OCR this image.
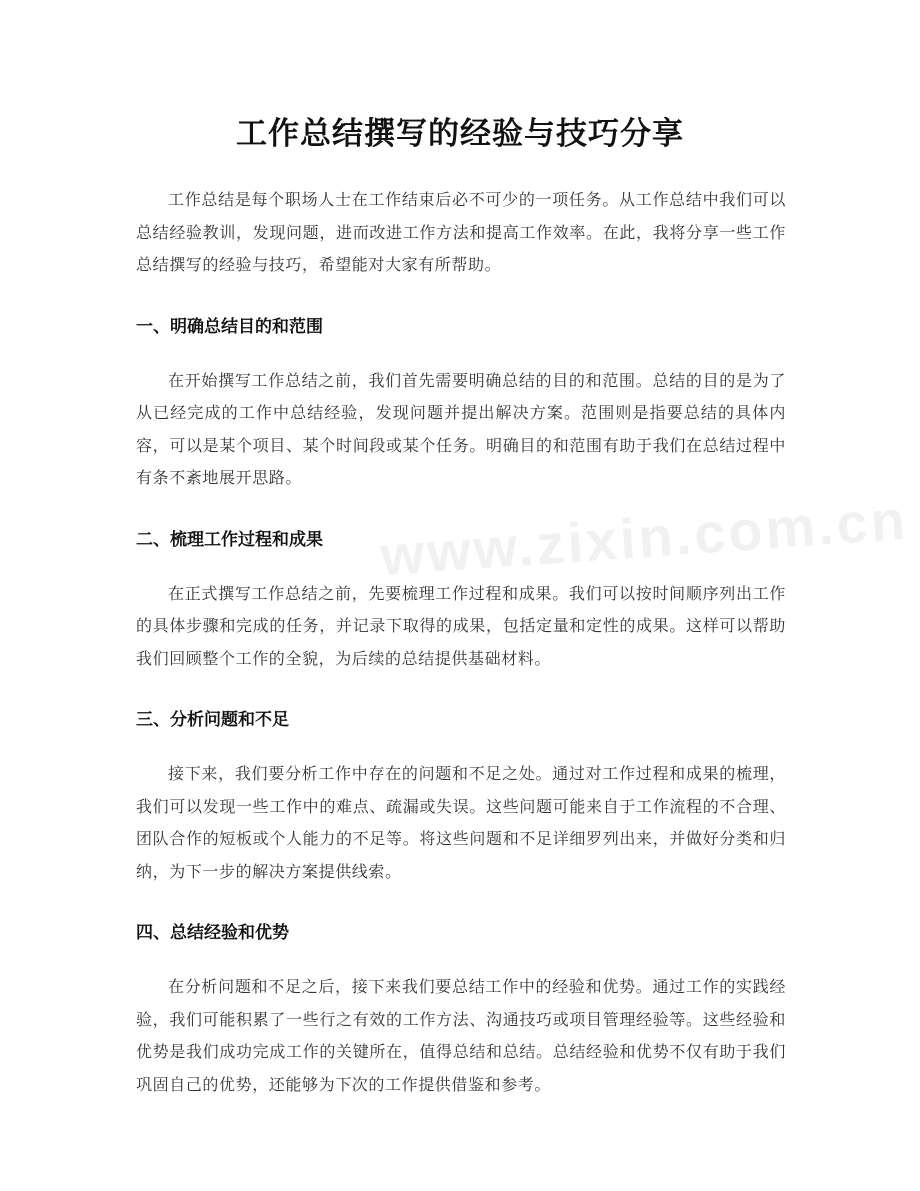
www.zixin.com.cn
工作总结撰写的经验与技巧分享

工作总结是每个职场人士在工作结束后必不可少的一项任务。从工作总结中我们可以总结经验教训，发现问题，进而改进工作方法和提高工作效率。在此，我将分享一些工作总结撰写的经验与技巧，希望能对大家有所帮助。

一、明确总结目的和范围

在开始撰写工作总结之前，我们首先需要明确总结的目的和范围。总结的目的是为了从已经完成的工作中总结经验，发现问题并提出解决方案。范围则是指要总结的具体内容，可以是某个项目、某个时间段或某个任务。明确目的和范围有助于我们在总结过程中有条不紊地展开思路。

二、梳理工作过程和成果

在正式撰写工作总结之前，先要梳理工作过程和成果。我们可以按时间顺序列出工作的具体步骤和完成的任务，并记录下取得的成果，包括定量和定性的成果。这样可以帮助我们回顾整个工作的全貌，为后续的总结提供基础材料。

三、分析问题和不足

接下来，我们要分析工作中存在的问题和不足之处。通过对工作过程和成果的梳理，我们可以发现一些工作中的难点、疏漏或失误。这些问题可能来自于工作流程的不合理、团队合作的短板或个人能力的不足等。将这些问题和不足详细罗列出来，并做好分类和归纳，为下一步的解决方案提供线索。

四、总结经验和优势

在分析问题和不足之后，接下来我们要总结工作中的经验和优势。通过工作的实践经验，我们可能积累了一些行之有效的工作方法、沟通技巧或项目管理经验等。这些经验和优势是我们成功完成工作的关键所在，值得总结和总结。总结经验和优势不仅有助于我们巩固自己的优势，还能够为下次的工作提供借鉴和参考。
